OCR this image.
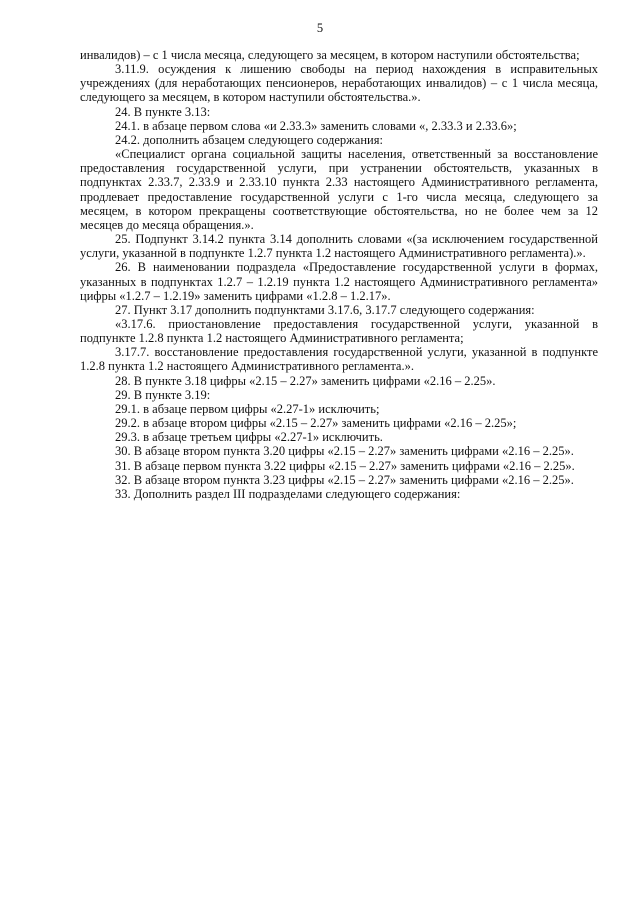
5

инвалидов) – с 1 числа месяца, следующего за месяцем, в котором наступили обстоятельства;

3.11.9. осуждения к лишению свободы на период нахождения в исправительных учреждениях (для неработающих пенсионеров, неработающих инвалидов) – с 1 числа месяца, следующего за месяцем, в котором наступили обстоятельства.».

24. В пункте 3.13:

24.1. в абзаце первом слова «и 2.33.3» заменить словами «, 2.33.3 и 2.33.6»;

24.2. дополнить абзацем следующего содержания:

«Специалист органа социальной защиты населения, ответственный за восстановление предоставления государственной услуги, при устранении обстоятельств, указанных в подпунктах 2.33.7, 2.33.9 и 2.33.10 пункта 2.33 настоящего Административного регламента, продлевает предоставление государственной услуги с 1-го числа месяца, следующего за месяцем, в котором прекращены соответствующие обстоятельства, но не более чем за 12 месяцев до месяца обращения.».

25. Подпункт 3.14.2 пункта 3.14 дополнить словами «(за исключением государственной услуги, указанной в подпункте 1.2.7 пункта 1.2 настоящего Административного регламента).».

26. В наименовании подраздела «Предоставление государственной услуги в формах, указанных в подпунктах 1.2.7 – 1.2.19 пункта 1.2 настоящего Административного регламента» цифры «1.2.7 – 1.2.19» заменить цифрами «1.2.8 – 1.2.17».

27. Пункт 3.17 дополнить подпунктами 3.17.6, 3.17.7 следующего содержания:

«3.17.6. приостановление предоставления государственной услуги, указанной в подпункте 1.2.8 пункта 1.2 настоящего Административного регламента;

3.17.7. восстановление предоставления государственной услуги, указанной в подпункте 1.2.8 пункта 1.2 настоящего Административного регламента.».

28. В пункте 3.18 цифры «2.15 – 2.27» заменить цифрами «2.16 – 2.25».

29. В пункте 3.19:

29.1. в абзаце первом цифры «2.27-1» исключить;

29.2. в абзаце втором цифры «2.15 – 2.27» заменить цифрами «2.16 – 2.25»;

29.3. в абзаце третьем цифры «2.27-1» исключить.

30. В абзаце втором пункта 3.20 цифры «2.15 – 2.27» заменить цифрами «2.16 – 2.25».

31. В абзаце первом пункта 3.22 цифры «2.15 – 2.27» заменить цифрами «2.16 – 2.25».

32. В абзаце втором пункта 3.23 цифры «2.15 – 2.27» заменить цифрами «2.16 – 2.25».

33. Дополнить раздел III подразделами следующего содержания:
